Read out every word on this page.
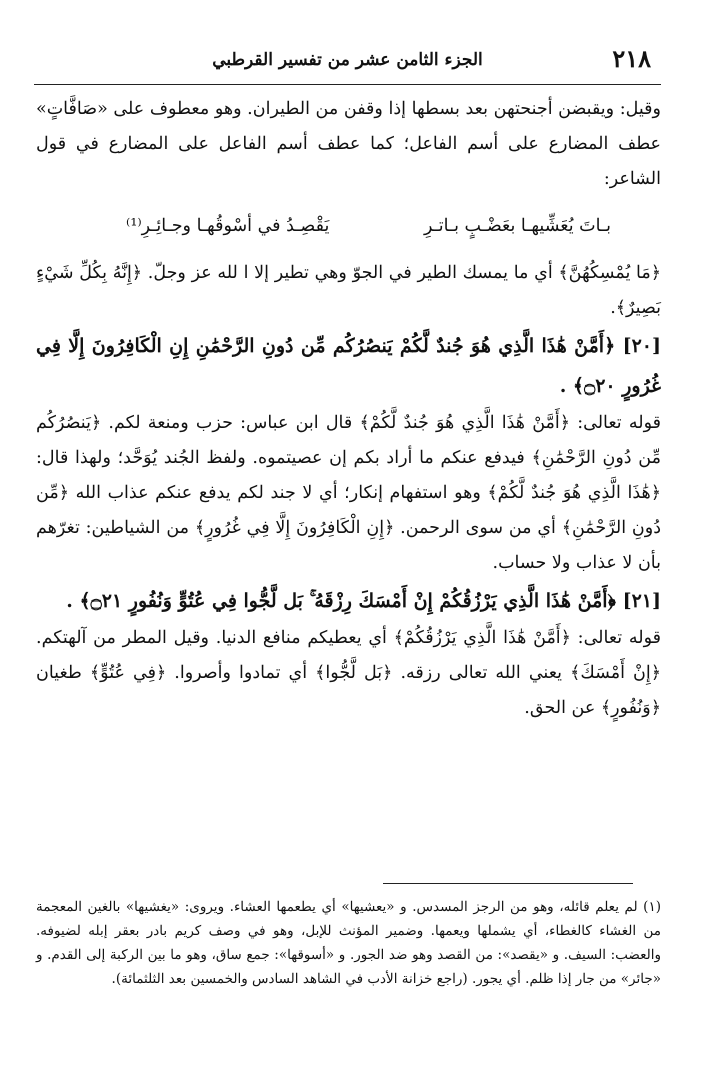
٢١٨
الجزء الثامن عشر من تفسير القرطبي

وقيل: ويقبضن أجنحتهن بعد بسطها إذا وقفن من الطيران. وهو معطوف على «صَافَّاتٍ» عطف المضارع على أسم الفاعل؛ كما عطف أسم الفاعل على المضارع في قول الشاعر:

بـاتَ يُعَشِّيهـا بعَضْـبٍ بـاتـرِ
يَقْصِـدُ في أسْوقُهـا وجـائِـرِ⁽¹⁾

﴿مَا يُمْسِكُهُنَّ﴾ أي ما يمسك الطير في الجوّ وهي تطير إلا ا لله عز وجلّ. ﴿إِنَّهُ بِكُلِّ شَيْءٍ بَصِيرٌ﴾.

[٢٠] ﴿أَمَّنْ هَٰذَا الَّذِي هُوَ جُندٌ لَّكُمْ يَنصُرُكُم مِّن دُونِ الرَّحْمَٰنِ إِنِ الْكَافِرُونَ إِلَّا فِي غُرُورٍ ۝٢٠﴾ .

قوله تعالى: ﴿أَمَّنْ هَٰذَا الَّذِي هُوَ جُندٌ لَّكُمْ﴾ قال ابن عباس: حزب ومنعة لكم. ﴿يَنصُرُكُم مِّن دُونِ الرَّحْمَٰنِ﴾ فيدفع عنكم ما أراد بكم إن عصيتموه. ولفظ الجُند يُوَحَّد؛ ولهذا قال: ﴿هَٰذَا الَّذِي هُوَ جُندٌ لَّكُمْ﴾ وهو استفهام إنكار؛ أي لا جند لكم يدفع عنكم عذاب الله ﴿مِّن دُونِ الرَّحْمَٰنِ﴾ أي من سوى الرحمن. ﴿إِنِ الْكَافِرُونَ إِلَّا فِي غُرُورٍ﴾ من الشياطين: تغرّهم بأن لا عذاب ولا حساب.

[٢١] ﴿أَمَّنْ هَٰذَا الَّذِي يَرْزُقُكُمْ إِنْ أَمْسَكَ رِزْقَهُ ۚ بَل لَّجُّوا فِي عُتُوٍّ وَنُفُورٍ ۝٢١﴾ .

قوله تعالى: ﴿أَمَّنْ هَٰذَا الَّذِي يَرْزُقُكُمْ﴾ أي يعطيكم منافع الدنيا. وقيل المطر من آلهتكم. ﴿إِنْ أَمْسَكَ﴾ يعني الله تعالى رزقه. ﴿بَل لَّجُّوا﴾ أي تمادوا وأصروا. ﴿فِي عُتُوٍّ﴾ طغيان ﴿وَنُفُورٍ﴾ عن الحق.

(١) لم يعلم قائله، وهو من الرجز المسدس. و «يعشيها» أي يطعمها العشاء. ويروى: «يغشيها» بالغين المعجمة من الغشاء كالغطاء، أي يشملها ويعمها. وضمير المؤنث للإبل، وهو في وصف كريم بادر بعقر إبله لضيوفه. والعضب: السيف. و «يقصد»: من القصد وهو ضد الجور. و «أسوقها»: جمع ساق، وهو ما بين الركبة إلى القدم. و «جائر» من جار إذا ظلم. أي يجور. (راجع خزانة الأدب في الشاهد السادس والخمسين بعد الثلثمائة).
